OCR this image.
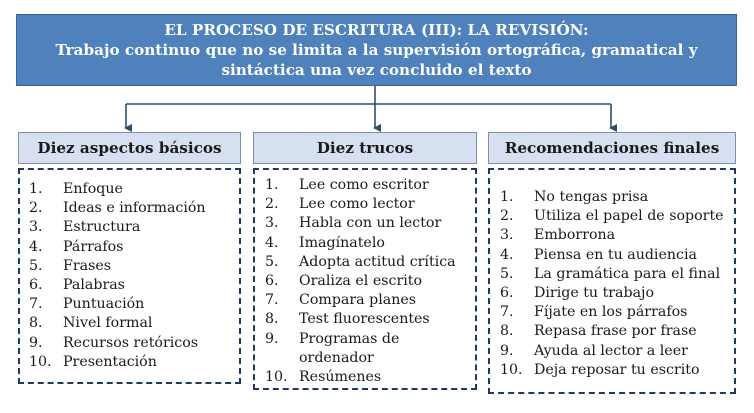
EL PROCESO DE ESCRITURA (III): LA REVISIÓN:
Trabajo continuo que no se limita a la supervisión ortográfica, gramatical y
sintáctica una vez concluido el texto
Diez aspectos básicos
1.	Enfoque
2.	Ideas e información
3.	Estructura
4.	Párrafos
5.	Frases
6.	Palabras
7.	Puntuación
8.	Nivel formal
9.	Recursos retóricos
10. Presentación
Diez trucos
1.	Lee como escritor
2.	Lee como lector
3.	Habla con un lector
4.	Imagínatelo
5.	Adopta actitud crítica
6.	Oraliza el escrito
7.	Compara planes
8.	Test fluorescentes
9.	Programas de ordenador
10. Resúmenes
Recomendaciones finales
1.	No tengas prisa
2.	Utiliza el papel de soporte
3.	Emborrona
4.	Piensa en tu audiencia
5.	La gramática para el final
6.	Dirige tu trabajo
7.	Fíjate en los párrafos
8.	Repasa frase por frase
9.	Ayuda al lector a leer
10. Deja reposar tu escrito
